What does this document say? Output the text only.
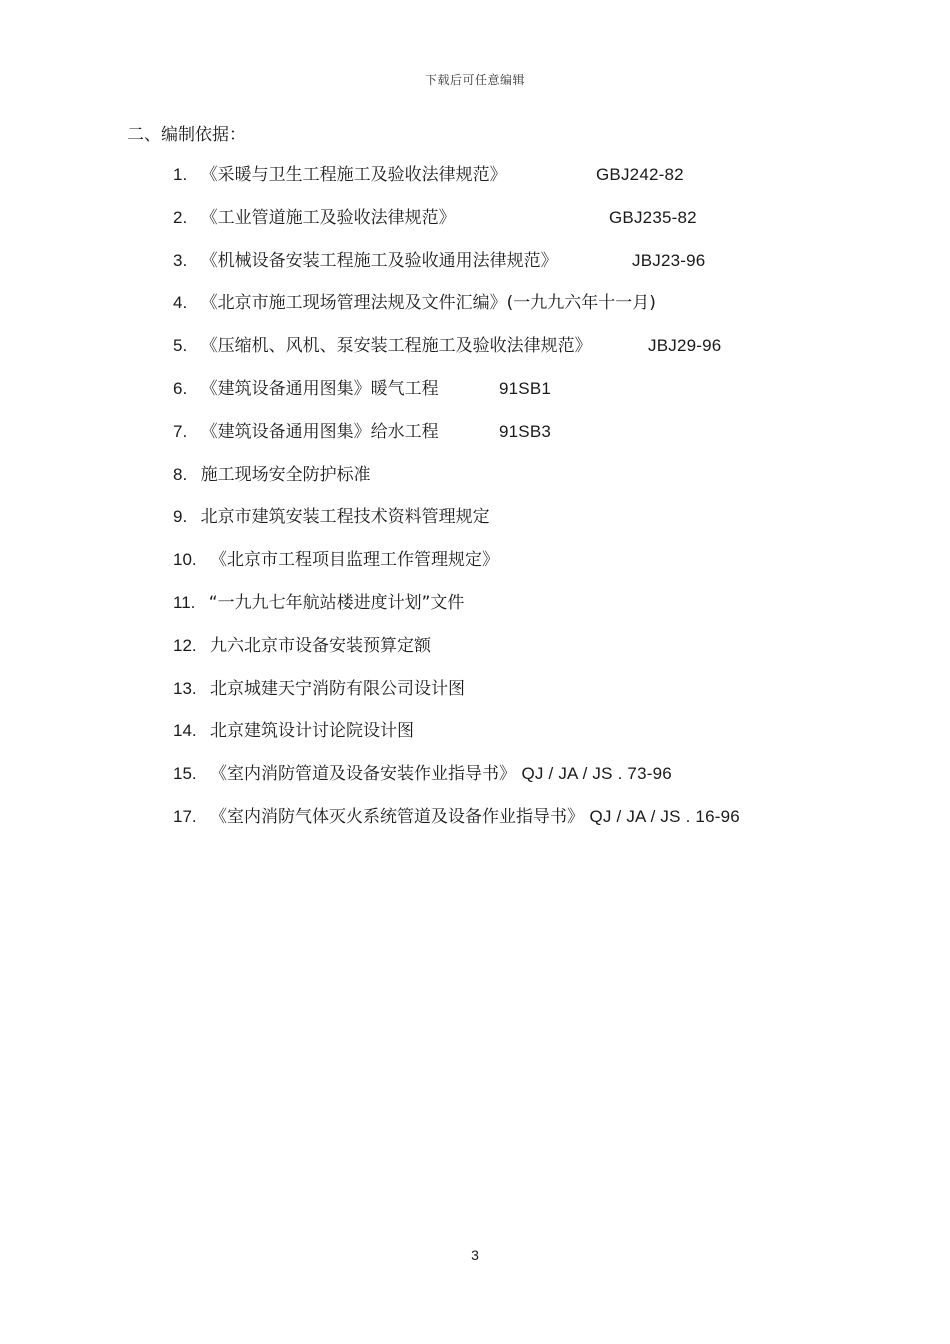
下载后可任意编辑
二、编制依据：
1. 《采暖与卫生工程施工及验收法律规范》	GBJ242-82
2. 《工业管道施工及验收法律规范》	GBJ235-82
3. 《机械设备安装工程施工及验收通用法律规范》	JBJ23-96
4. 《北京市施工现场管理法规及文件汇编》(一九九六年十一月)
5. 《压缩机、风机、泵安装工程施工及验收法律规范》	JBJ29-96
6. 《建筑设备通用图集》暖气工程	91SB1
7. 《建筑设备通用图集》给水工程	91SB3
8. 施工现场安全防护标准
9. 北京市建筑安装工程技术资料管理规定
10. 《北京市工程项目监理工作管理规定》
11. “一九九七年航站楼进度计划”文件
12. 九六北京市设备安装预算定额
13. 北京城建天宁消防有限公司设计图
14. 北京建筑设计讨论院设计图
15. 《室内消防管道及设备安装作业指导书》 QJ / JA / JS . 73-96
17. 《室内消防气体灭火系统管道及设备作业指导书》 QJ / JA / JS . 16-96
3
